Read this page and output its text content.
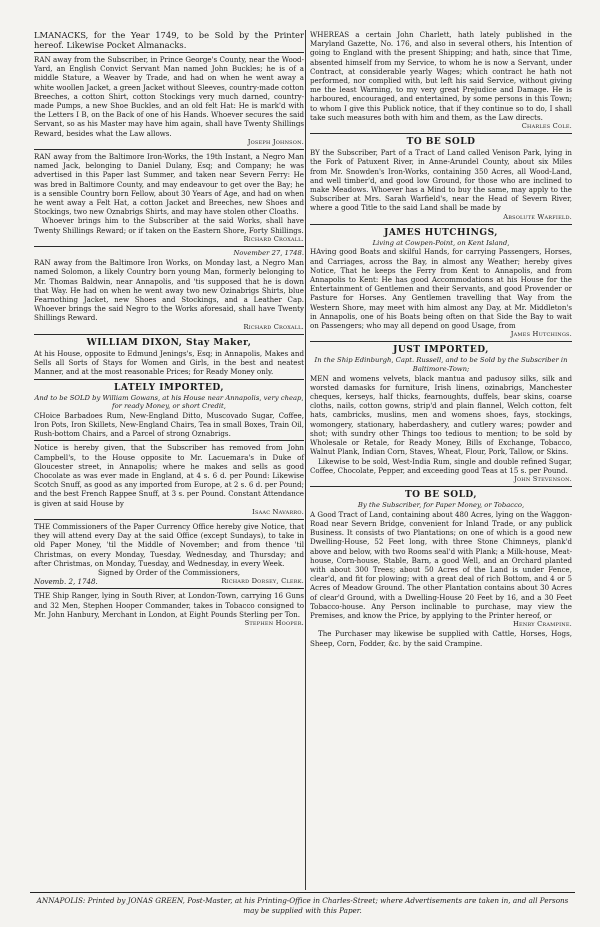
LMANACKS, for the Year 1749, to be Sold by the Printer hereof. Likewise Pocket Almanacks.

RAN away from the Subscriber, in Prince George's County, near the Wood-Yard, an English Convict Servant Man named John Buckles; he is of a middle Stature, a Weaver by Trade, and had on when he went away a white woollen Jacket, a green Jacket without Sleeves, country-made cotton Breeches, a cotton Shirt, cotton Stockings very much darned, country-made Pumps, a new Shoe Buckles, and an old felt Hat: He is mark'd with the Letters I B, on the Back of one of his Hands. Whoever secures the said Servant, so as his Master may have him again, shall have Twenty Shillings Reward, besides what the Law allows.

Joseph Johnson.

RAN away from the Baltimore Iron-Works, the 19th Instant, a Negro Man named Jack, belonging to Daniel Dulany, Esq; and Company; he was advertised in this Paper last Summer, and taken near Severn Ferry: He was bred in Baltimore County, and may endeavour to get over the Bay; he is a sensible Country born Fellow, about 30 Years of Age, and had on when he went away a Felt Hat, a cotton Jacket and Breeches, new Shoes and Stockings, two new Oznabrigs Shirts, and may have stolen other Cloaths.

Whoever brings him to the Subscriber at the said Works, shall have Twenty Shillings Reward; or if taken on the Eastern Shore, Forty Shillings.

Richard Croxall.

November 27, 1748.

RAN away from the Baltimore Iron Works, on Monday last, a Negro Man named Solomon, a likely Country born young Man, formerly belonging to Mr. Thomas Baldwin, near Annapolis, and 'tis supposed that he is down that Way. He had on when he went away two new Ozinabrigs Shirts, blue Fearnothing Jacket, new Shoes and Stockings, and a Leather Cap. Whoever brings the said Negro to the Works aforesaid, shall have Twenty Shillings Reward.

Richard Croxall.

WILLIAM DIXON, Stay Maker,

At his House, opposite to Edmund Jenings's, Esq; in Annapolis, Makes and Sells all Sorts of Stays for Women and Girls, in the best and neatest Manner, and at the most reasonable Prices; for Ready Money only.

LATELY IMPORTED,

And to be SOLD by William Gowans, at his House near Annapolis, very cheap, for ready Money, or short Credit,

CHoice Barbadoes Rum, New-England Ditto, Muscovado Sugar, Coffee, Iron Pots, Iron Skillets, New-England Chairs, Tea in small Boxes, Train Oil, Rush-bottom Chairs, and a Parcel of strong Oznabrigs.

Notice is hereby given, that the Subscriber has removed from John Campbell's, to the House opposite to Mr. Lacuemara's in Duke of Gloucester street, in Annapolis; where he makes and sells as good Chocolate as was ever made in England, at 4 s. 6 d. per Pound: Likewise Scotch Snuff, as good as any imported from Europe, at 2 s. 6 d. per Pound; and the best French Rappee Snuff, at 3 s. per Pound. Constant Attendance is given at said House by

Isaac Navarro.

THE Commissioners of the Paper Currency Office hereby give Notice, that they will attend every Day at the said Office (except Sundays), to take in old Paper Money, 'til the Middle of November; and from thence 'til Christmas, on every Monday, Tuesday, Wednesday, and Thursday; and after Christmas, on Monday, Tuesday, and Wednesday, in every Week.

Signed by Order of the Commissioners,

Novemb. 2, 1748.	Richard Dorsey, Clerk.

THE Ship Ranger, lying in South River, at London-Town, carrying 16 Guns and 32 Men, Stephen Hooper Commander, takes in Tobacco consigned to Mr. John Hanbury, Merchant in London, at Eight Pounds Sterling per Ton.

Stephen Hooper.

WHEREAS a certain John Charlett, hath lately published in the Maryland Gazette, No. 176, and also in several others, his Intention of going to England with the present Shipping; and hath, since that Time, absented himself from my Service, to whom he is now a Servant, under Contract, at considerable yearly Wages; which contract he hath not performed, nor complied with, but left his said Service, without giving me the least Warning, to my very great Prejudice and Damage. He is harboured, encouraged, and entertained, by some persons in this Town; to whom I give this Publick notice, that if they continue so to do, I shall take such measures both with him and them, as the Law directs.

Charles Cole.

TO BE SOLD

BY the Subscriber, Part of a Tract of Land called Venison Park, lying in the Fork of Patuxent River, in Anne-Arundel County, about six Miles from Mr. Snowden's Iron-Works, containing 350 Acres, all Wood-Land, and well timber'd, and good low Ground, for those who are inclined to make Meadows. Whoever has a Mind to buy the same, may apply to the Subscriber at Mrs. Sarah Warfield's, near the Head of Severn River, where a good Title to the said Land shall be made by

Absolute Warfield.

JAMES HUTCHINGS,

Living at Cowpen-Point, on Kent Island,

HAving good Boats and skilful Hands, for carrying Passengers, Horses, and Carriages, across the Bay, in almost any Weather; hereby gives Notice, That he keeps the Ferry from Kent to Annapolis, and from Annapolis to Kent: He has good Accommodations at his House for the Entertainment of Gentlemen and their Servants, and good Provender or Pasture for Horses. Any Gentlemen travelling that Way from the Western Shore, may meet with him almost any Day, at Mr. Middleton's in Annapolis, one of his Boats being often on that Side the Bay to wait on Passengers; who may all depend on good Usage, from

James Hutchings.

JUST IMPORTED,

In the Ship Edinburgh, Capt. Russell, and to be Sold by the Subscriber in Baltimore-Town;

MEN and womens velvets, black mantua and padusoy silks, silk and worsted damasks for furniture, Irish linens, ozinabrigs, Manchester cheques, kerseys, half thicks, fearnoughts, duffels, bear skins, coarse cloths, nails, cotton gowns, strip'd and plain flannel, Welch cotton, felt hats, cambricks, muslins, men and womens shoes, fays, stockings, womongery, stationary, haberdashery, and cutlery wares; powder and shot; with sundry other Things too tedious to mention; to be sold by Wholesale or Retale, for Ready Money, Bills of Exchange, Tobacco, Walnut Plank, Indian Corn, Staves, Wheat, Flour, Pork, Tallow, or Skins.

Likewise to be sold, West-India Rum, single and double refined Sugar, Coffee, Chocolate, Pepper, and exceeding good Teas at 15 s. per Pound.

John Stevenson.

TO BE SOLD,

By the Subscriber, for Paper Money, or Tobacco,

A Good Tract of Land, containing about 480 Acres, lying on the Waggon-Road near Severn Bridge, convenient for Inland Trade, or any publick Business. It consists of two Plantations; on one of which is a good new Dwelling-House, 52 Feet long, with three Stone Chimneys, plank'd above and below, with two Rooms seal'd with Plank; a Milk-house, Meat-house, Corn-house, Stable, Barn, a good Well, and an Orchard planted with about 300 Trees; about 50 Acres of the Land is under Fence, clear'd, and fit for plowing; with a great deal of rich Bottom, and 4 or 5 Acres of Meadow Ground. The other Plantation contains about 30 Acres of clear'd Ground, with a Dwelling-House 20 Feet by 16, and a 30 Feet Tobacco-house. Any Person inclinable to purchase, may view the Premises, and know the Price, by applying to the Printer hereof, or

Henry Crampine.

The Purchaser may likewise be supplied with Cattle, Horses, Hogs, Sheep, Corn, Fodder, &c. by the said Crampine.

ANNAPOLIS: Printed by JONAS GREEN, Post-Master, at his Printing-Office in Charles-Street; where Advertisements are taken in, and all Persons may be supplied with this Paper.
